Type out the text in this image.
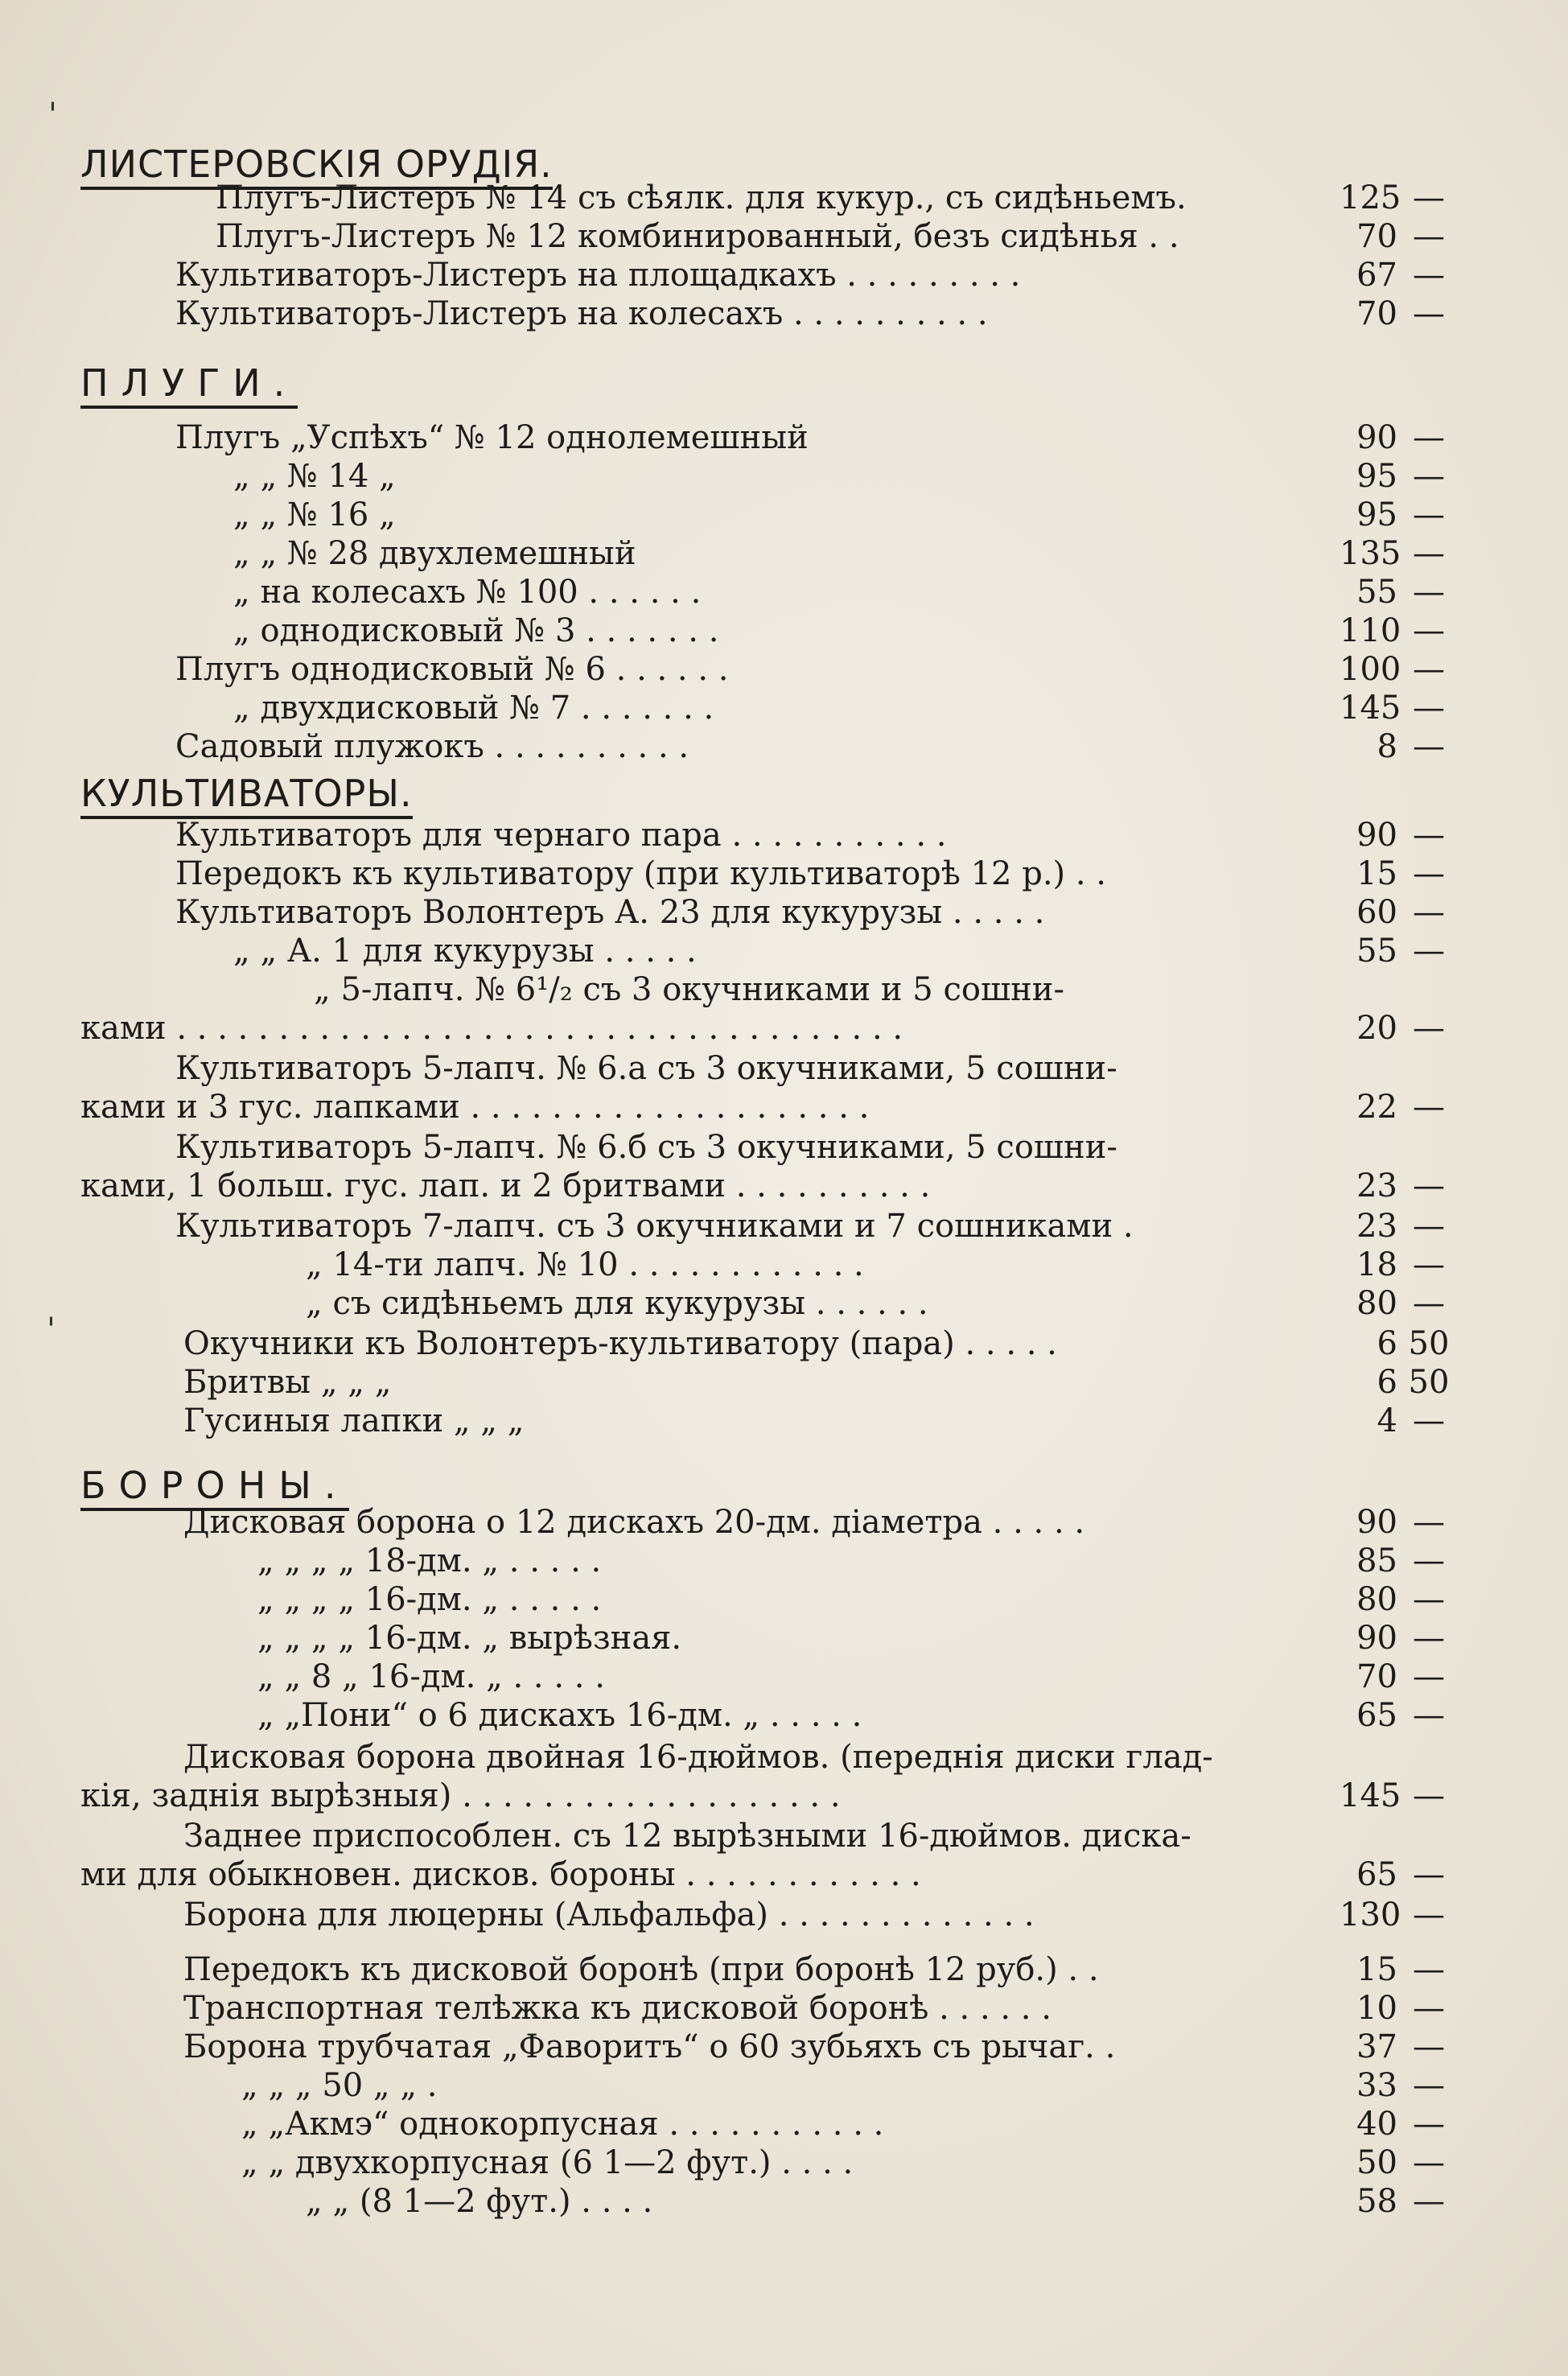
ꞌ
ꞌ
ЛИСТЕРОВСКІЯ ОРУДІЯ.
ПЛУГИ.
КУЛЬТИВАТОРЫ.
БОРОНЫ.
Плугъ-Листеръ № 14 съ сѣялк. для кукур., съ сидѣньемъ.	125 —
Плугъ-Листеръ № 12 комбинированный, безъ сидѣнья . .	70 —
Культиваторъ-Листеръ на площадкахъ . . . . . . . . .	67 —
Культиваторъ-Листеръ на колесахъ . . . . . . . . . .	70 —
Плугъ „Успѣхъ“ № 12 однолемешный	90 —
„ „ № 14 „	95 —
„ „ № 16 „	95 —
„ „ № 28 двухлемешный	135 —
„ на колесахъ № 100 . . . . . .	55 —
„ однодисковый № 3 . . . . . . .	110 —
Плугъ однодисковый № 6 . . . . . .	100 —
„ двухдисковый № 7 . . . . . . .	145 —
Садовый плужокъ . . . . . . . . . .	8 —
Культиваторъ для чернаго пара . . . . . . . . . . .	90 —
Передокъ къ культиватору (при культиваторѣ 12 р.) . .	15 —
Культиваторъ Волонтеръ А. 23 для кукурузы . . . . .	60 —
„ „ А. 1 для кукурузы . . . . .	55 —
„ 5-лапч. № 6¹/₂ съ 3 окучниками и 5 сошни-
ками . . . . . . . . . . . . . . . . . . . . . . . . . . . . . . . . . . . .	20 —
Культиваторъ 5-лапч. № 6.а съ 3 окучниками, 5 сошни-
ками и 3 гус. лапками . . . . . . . . . . . . . . . . . . . .	22 —
Культиваторъ 5-лапч. № 6.б съ 3 окучниками, 5 сошни-
ками, 1 больш. гус. лап. и 2 бритвами . . . . . . . . . .	23 —
Культиваторъ 7-лапч. съ 3 окучниками и 7 сошниками .	23 —
„ 14-ти лапч. № 10 . . . . . . . . . . . .	18 —
„ съ сидѣньемъ для кукурузы . . . . . .	80 —
Окучники къ Волонтеръ-культиватору (пара) . . . . .	6 50
Бритвы „ „ „	6 50
Гусиныя лапки „ „ „	4 —
Дисковая борона о 12 дискахъ 20-дм. діаметра . . . . .	90 —
„ „ „ „ 18-дм. „ . . . . .	85 —
„ „ „ „ 16-дм. „ . . . . .	80 —
„ „ „ „ 16-дм. „ вырѣзная.	90 —
„ „ 8 „ 16-дм. „ . . . . .	70 —
„ „Пони“ о 6 дискахъ 16-дм. „ . . . . .	65 —
Дисковая борона двойная 16-дюймов. (переднія диски глад-
кія, заднія вырѣзныя) . . . . . . . . . . . . . . . . . . .	145 —
Заднее приспособлен. съ 12 вырѣзными 16-дюймов. диска-
ми для обыкновен. дисков. бороны . . . . . . . . . . . .	65 —
Борона для люцерны (Альфальфа) . . . . . . . . . . . . .	130 —
Передокъ къ дисковой боронѣ (при боронѣ 12 руб.) . .	15 —
Транспортная телѣжка къ дисковой боронѣ . . . . . .	10 —
Борона трубчатая „Фаворитъ“ о 60 зубьяхъ съ рычаг. .	37 —
„ „ „ 50 „ „ .	33 —
„ „Акмэ“ однокорпусная . . . . . . . . . . .	40 —
„ „ двухкорпусная (6 1—2 фут.) . . . .	50 —
„ „ (8 1—2 фут.) . . . .	58 —
